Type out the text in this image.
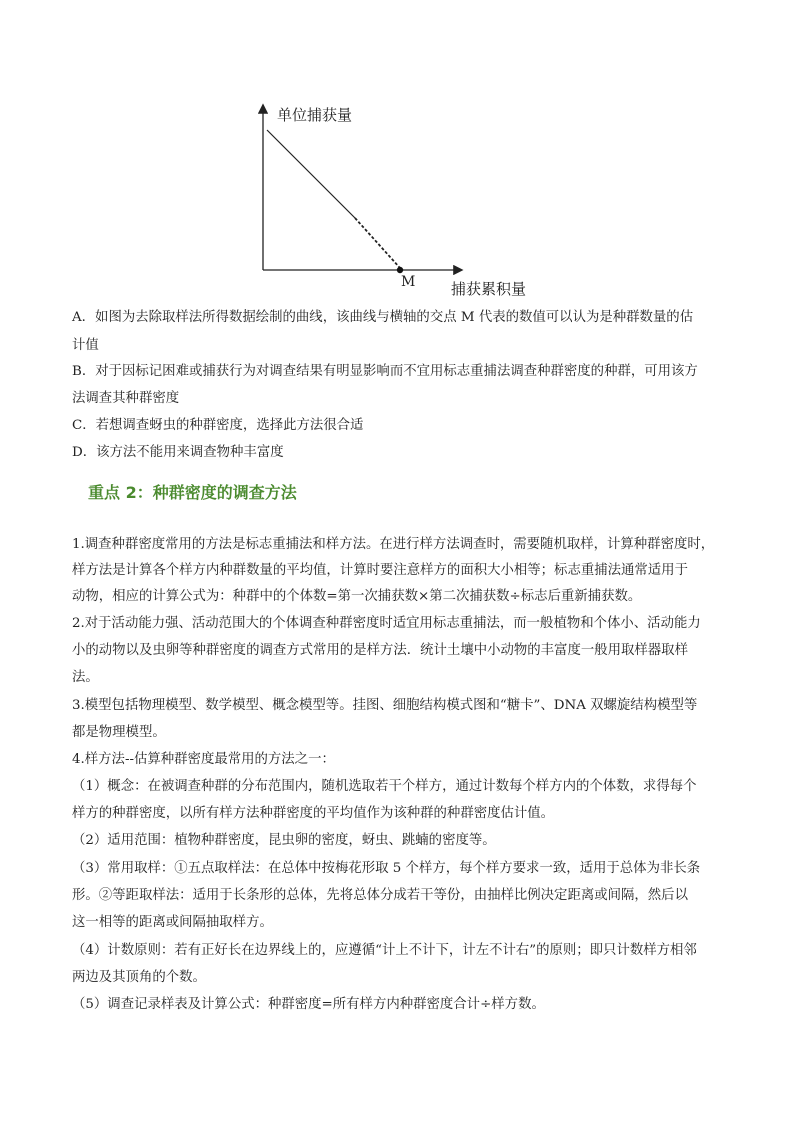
单位捕获量
M 捕获累积量
A．如图为去除取样法所得数据绘制的曲线，该曲线与横轴的交点 M 代表的数值可以认为是种群数量的估
计值
B．对于因标记困难或捕获行为对调查结果有明显影响而不宜用标志重捕法调查种群密度的种群，可用该方
法调查其种群密度
C．若想调查蚜虫的种群密度，选择此方法很合适
D．该方法不能用来调查物种丰富度
重点 2：种群密度的调查方法
1.调查种群密度常用的方法是标志重捕法和样方法。在进行样方法调查时，需要随机取样，计算种群密度时，
样方法是计算各个样方内种群数量的平均值，计算时要注意样方的面积大小相等；标志重捕法通常适用于
动物，相应的计算公式为：种群中的个体数=第一次捕获数×第二次捕获数÷标志后重新捕获数。
2.对于活动能力强、活动范围大的个体调查种群密度时适宜用标志重捕法，而一般植物和个体小、活动能力
小的动物以及虫卵等种群密度的调查方式常用的是样方法．统计土壤中小动物的丰富度一般用取样器取样
法。
3.模型包括物理模型、数学模型、概念模型等。挂图、细胞结构模式图和“糖卡”、DNA 双螺旋结构模型等
都是物理模型。
4.样方法--估算种群密度最常用的方法之一：
（1）概念：在被调查种群的分布范围内，随机选取若干个样方，通过计数每个样方内的个体数，求得每个
样方的种群密度，以所有样方法种群密度的平均值作为该种群的种群密度估计值。
（2）适用范围：植物种群密度，昆虫卵的密度，蚜虫、跳蝻的密度等。
（3）常用取样：①五点取样法：在总体中按梅花形取 5 个样方，每个样方要求一致，适用于总体为非长条
形。②等距取样法：适用于长条形的总体，先将总体分成若干等份，由抽样比例决定距离或间隔，然后以
这一相等的距离或间隔抽取样方。
（4）计数原则：若有正好长在边界线上的，应遵循“计上不计下，计左不计右”的原则；即只计数样方相邻
两边及其顶角的个数。
（5）调查记录样表及计算公式：种群密度=所有样方内种群密度合计÷样方数。
